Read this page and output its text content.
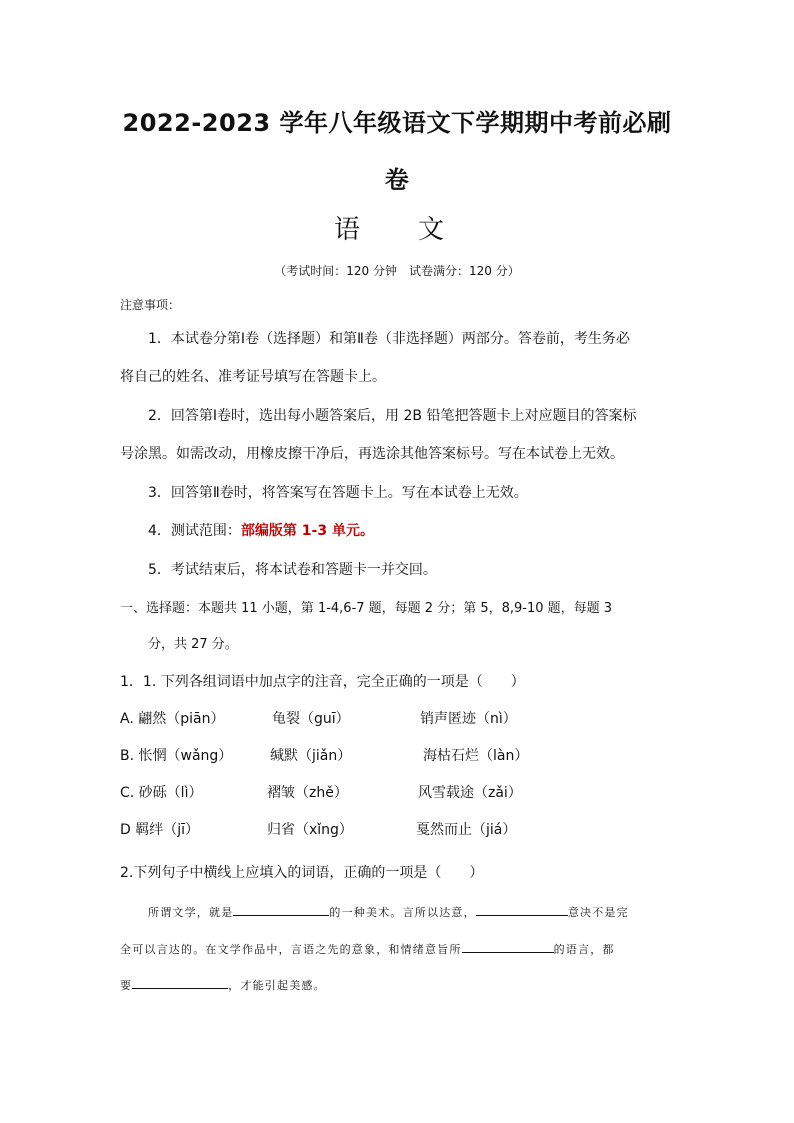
2022-2023 学年八年级语文下学期期中考前必刷
卷
语　文
（考试时间：120 分钟　试卷满分：120 分）
注意事项：
1．本试卷分第Ⅰ卷（选择题）和第Ⅱ卷（非选择题）两部分。答卷前，考生务必
将自己的姓名、准考证号填写在答题卡上。
2．回答第Ⅰ卷时，选出每小题答案后，用 2B 铅笔把答题卡上对应题目的答案标
号涂黑。如需改动，用橡皮擦干净后，再选涂其他答案标号。写在本试卷上无效。
3．回答第Ⅱ卷时，将答案写在答题卡上。写在本试卷上无效。
4．测试范围：部编版第 1-3 单元。
5．考试结束后，将本试卷和答题卡一并交回。
一、选择题：本题共 11 小题，第 1-4,6-7 题，每题 2 分；第 5，8,9-10 题，每题 3
分，共 27 分。
1．1. 下列各组词语中加点字的注音，完全正确的一项是（　　）
A. 翩然（piān）	龟裂（guī）	销声匿迹（nì）
B. 怅惘（wǎng）	缄默（jiǎn）	海枯石烂（làn）
C. 砂砾（lì）	褶皱（zhě）	风雪载途（zǎi）
D 羁绊（jī）	归省（xǐng）	戛然而止（jiá）
2.下列句子中横线上应填入的词语，正确的一项是（　　）
所谓文学，就是	的一种美术。言所以达意，	意决不是完
全可以言达的。在文学作品中，言语之先的意象，和情绪意旨所	的语言，都
要	，才能引起美感。
